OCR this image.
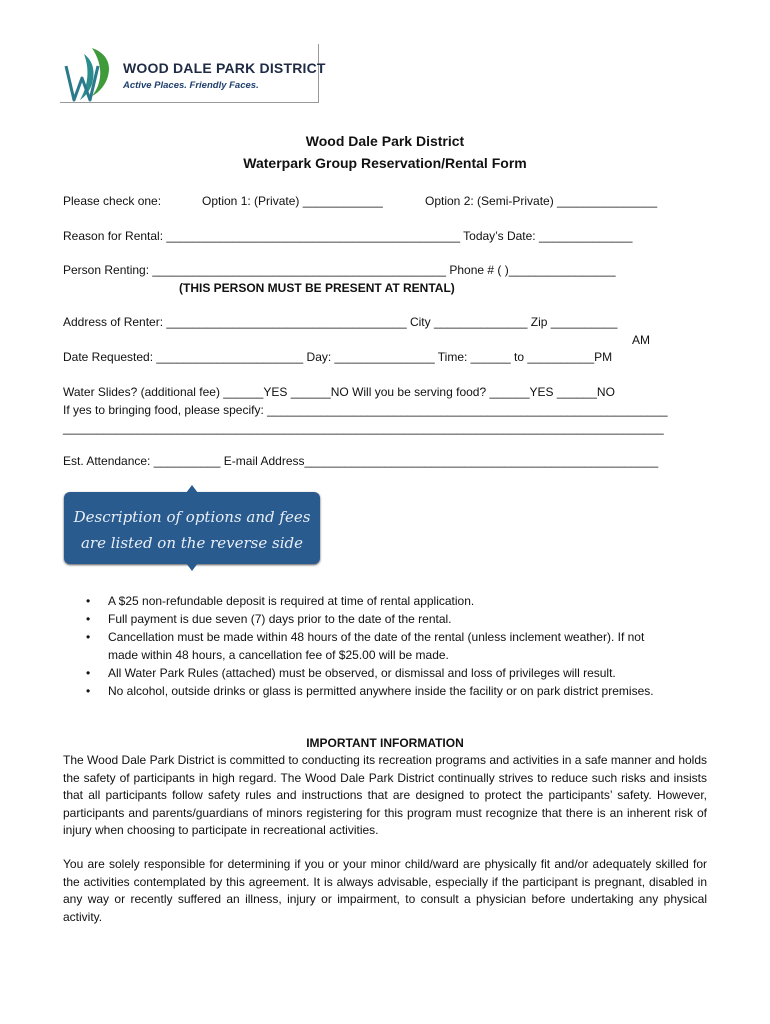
WOOD DALE PARK DISTRICT
Active Places. Friendly Faces.
Wood Dale Park District
Waterpark Group Reservation/Rental Form
Please check one:	Option 1: (Private) ____________	Option 2: (Semi-Private) _______________
Reason for Rental: ____________________________________________ Today’s Date: ______________
Person Renting: ____________________________________________ Phone # ( )________________
(THIS PERSON MUST BE PRESENT AT RENTAL)
Address of Renter: ____________________________________ City ______________ Zip __________
AM
Date Requested: ______________________ Day: _______________ Time: ______ to __________PM
Water Slides? (additional fee) ______YES ______NO Will you be serving food? ______YES ______NO
If yes to bringing food, please specify: ____________________________________________________________
__________________________________________________________________________________________
Est. Attendance: __________ E-mail Address_____________________________________________________
Description of options and fees
are listed on the reverse side
• A $25 non-refundable deposit is required at time of rental application.
• Full payment is due seven (7) days prior to the date of the rental.
• Cancellation must be made within 48 hours of the date of the rental (unless inclement weather). If not
made within 48 hours, a cancellation fee of $25.00 will be made.
• All Water Park Rules (attached) must be observed, or dismissal and loss of privileges will result.
• No alcohol, outside drinks or glass is permitted anywhere inside the facility or on park district premises.
IMPORTANT INFORMATION
The Wood Dale Park District is committed to conducting its recreation programs and activities in a safe manner and holds the safety of participants in high regard. The Wood Dale Park District continually strives to reduce such risks and insists that all participants follow safety rules and instructions that are designed to protect the participants’ safety. However, participants and parents/guardians of minors registering for this program must recognize that there is an inherent risk of injury when choosing to participate in recreational activities.
You are solely responsible for determining if you or your minor child/ward are physically fit and/or adequately skilled for the activities contemplated by this agreement. It is always advisable, especially if the participant is pregnant, disabled in any way or recently suffered an illness, injury or impairment, to consult a physician before undertaking any physical activity.
